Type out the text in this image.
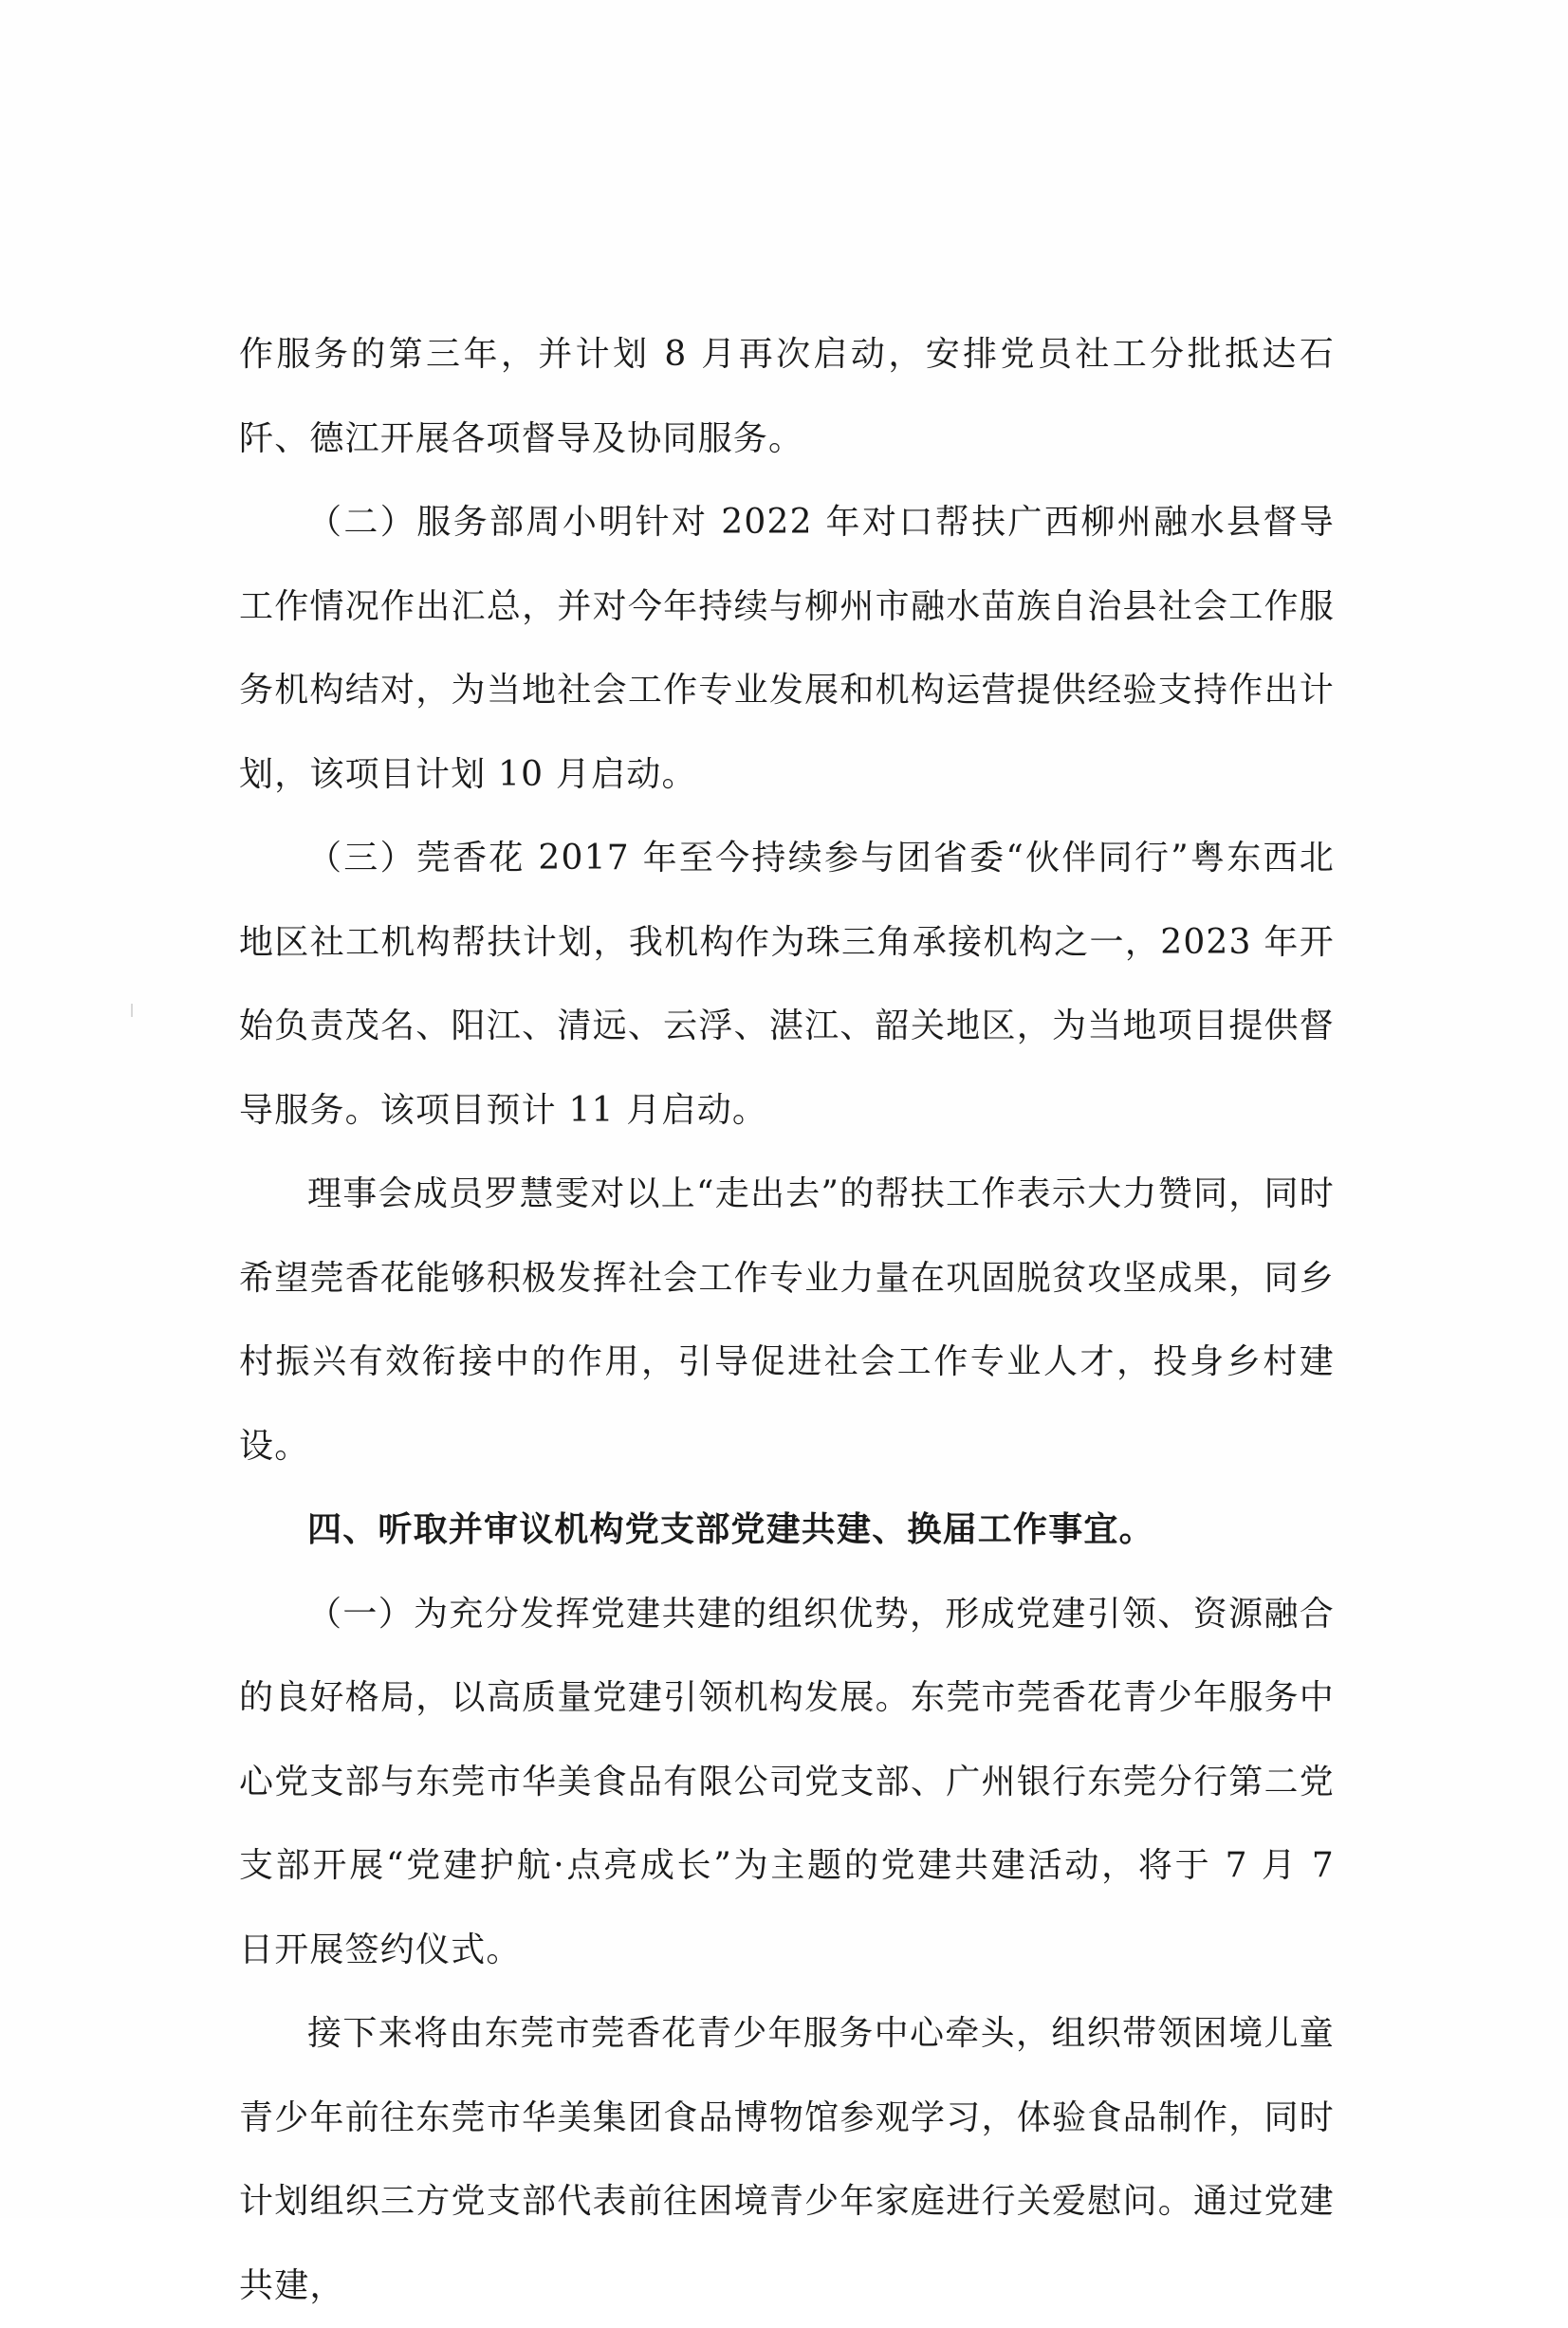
作服务的第三年，并计划 8 月再次启动，安排党员社工分批抵达石阡、德江开展各项督导及协同服务。

（二）服务部周小明针对 2022 年对口帮扶广西柳州融水县督导工作情况作出汇总，并对今年持续与柳州市融水苗族自治县社会工作服务机构结对，为当地社会工作专业发展和机构运营提供经验支持作出计划，该项目计划 10 月启动。

（三）莞香花 2017 年至今持续参与团省委“伙伴同行”粤东西北地区社工机构帮扶计划，我机构作为珠三角承接机构之一，2023 年开始负责茂名、阳江、清远、云浮、湛江、韶关地区，为当地项目提供督导服务。该项目预计 11 月启动。

理事会成员罗慧雯对以上“走出去”的帮扶工作表示大力赞同，同时希望莞香花能够积极发挥社会工作专业力量在巩固脱贫攻坚成果，同乡村振兴有效衔接中的作用，引导促进社会工作专业人才，投身乡村建设。

四、听取并审议机构党支部党建共建、换届工作事宜。

（一）为充分发挥党建共建的组织优势，形成党建引领、资源融合的良好格局，以高质量党建引领机构发展。东莞市莞香花青少年服务中心党支部与东莞市华美食品有限公司党支部、广州银行东莞分行第二党支部开展“党建护航·点亮成长”为主题的党建共建活动，将于 7 月 7 日开展签约仪式。

接下来将由东莞市莞香花青少年服务中心牵头，组织带领困境儿童青少年前往东莞市华美集团食品博物馆参观学习，体验食品制作，同时计划组织三方党支部代表前往困境青少年家庭进行关爱慰问。通过党建共建，
